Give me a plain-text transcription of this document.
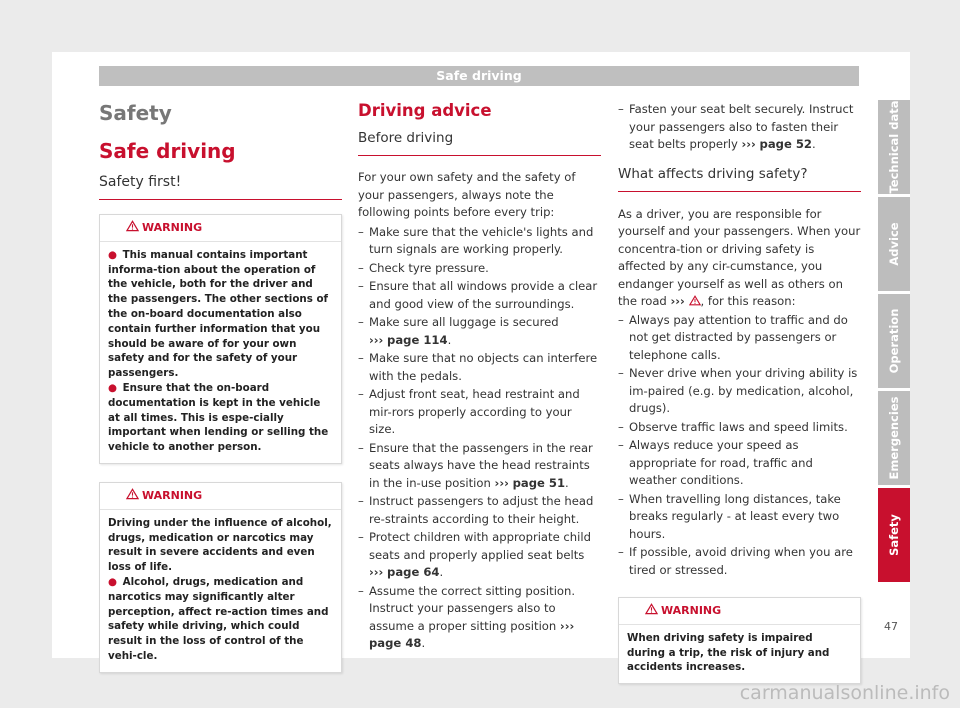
Safe driving
Safety
Safe driving
Safety first!
WARNING
● This manual contains important informa-tion about the operation of the vehicle, both for the driver and the passengers. The other sections of the on-board documentation also contain further information that you should be aware of for your own safety and for the safety of your passengers.
● Ensure that the on-board documentation is kept in the vehicle at all times. This is espe-cially important when lending or selling the vehicle to another person.
WARNING
Driving under the influence of alcohol, drugs, medication or narcotics may result in severe accidents and even loss of life.
● Alcohol, drugs, medication and narcotics may significantly alter perception, affect re-action times and safety while driving, which could result in the loss of control of the vehi-cle.
Driving advice
Before driving
For your own safety and the safety of your passengers, always note the following points before every trip:
– Make sure that the vehicle's lights and turn signals are working properly.
– Check tyre pressure.
– Ensure that all windows provide a clear and good view of the surroundings.
– Make sure all luggage is secured
››› page 114.
– Make sure that no objects can interfere with the pedals.
– Adjust front seat, head restraint and mir-rors properly according to your size.
– Ensure that the passengers in the rear seats always have the head restraints in the in-use position ››› page 51.
– Instruct passengers to adjust the head re-straints according to their height.
– Protect children with appropriate child seats and properly applied seat belts
››› page 64.
– Assume the correct sitting position. Instruct your passengers also to assume a proper sitting position ››› page 48.
– Fasten your seat belt securely. Instruct your passengers also to fasten their seat belts properly ››› page 52.
What affects driving safety?
As a driver, you are responsible for yourself and your passengers. When your concentra-tion or driving safety is affected by any cir-cumstance, you endanger yourself as well as others on the road ››› , for this reason:
– Always pay attention to traffic and do not get distracted by passengers or telephone calls.
– Never drive when your driving ability is im-paired (e.g. by medication, alcohol, drugs).
– Observe traffic laws and speed limits.
– Always reduce your speed as appropriate for road, traffic and weather conditions.
– When travelling long distances, take breaks regularly - at least every two hours.
– If possible, avoid driving when you are tired or stressed.
WARNING
When driving safety is impaired during a trip, the risk of injury and accidents increases.
Technical data
Advice
Operation
Emergencies
Safety
47
carmanualsonline.info
